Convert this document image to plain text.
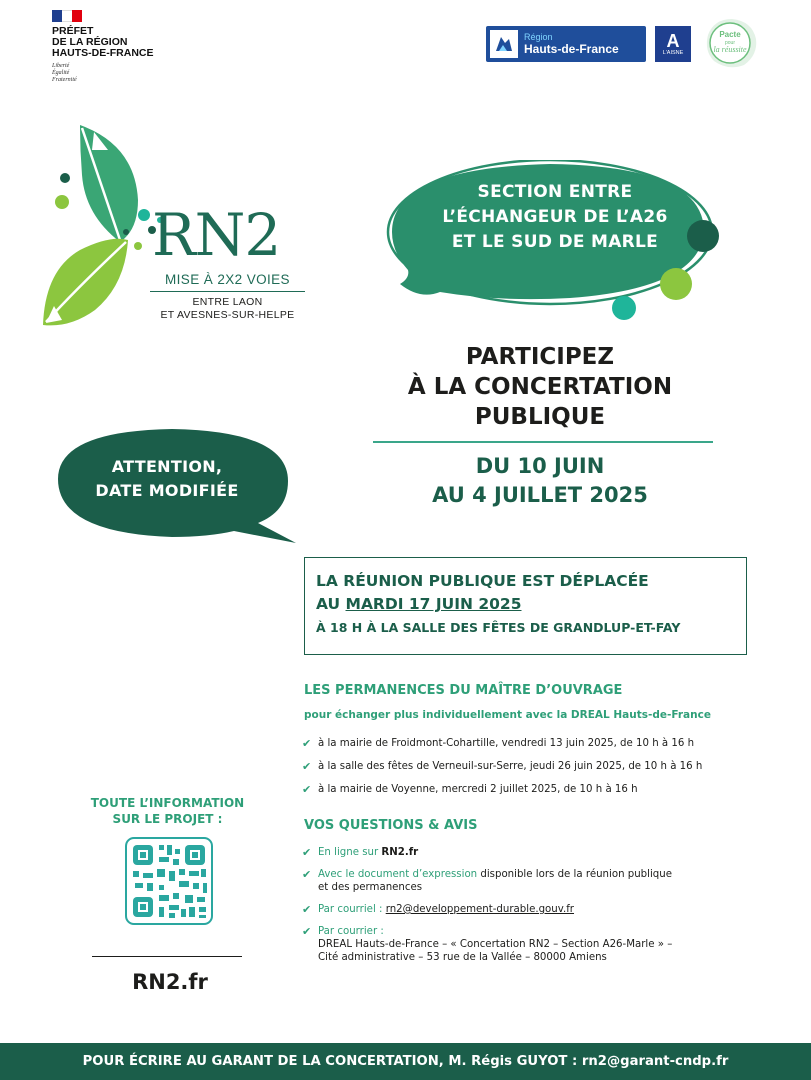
PRÉFET
DE LA RÉGION
HAUTS-DE-FRANCE
Liberté
Égalité
Fraternité
Région
Hauts-de-France	A
L'AISNE
Pacte
pour
la réussite
RN2
MISE À 2X2 VOIES
ENTRE LAON
ET AVESNES-SUR-HELPE
SECTION ENTRE
L’ÉCHANGEUR DE L’A26
ET LE SUD DE MARLE
PARTICIPEZ
À LA CONCERTATION
PUBLIQUE
DU 10 JUIN
AU 4 JUILLET 2025
ATTENTION,
DATE MODIFIÉE
LA RÉUNION PUBLIQUE EST DÉPLACÉE
AU MARDI 17 JUIN 2025
À 18 H À LA SALLE DES FÊTES DE GRANDLUP-ET-FAY
LES PERMANENCES DU MAÎTRE D’OUVRAGE
pour échanger plus individuellement avec la DREAL Hauts-de-France
✔ à la mairie de Froidmont-Cohartille, vendredi 13 juin 2025, de 10 h à 16 h
✔ à la salle des fêtes de Verneuil-sur-Serre, jeudi 26 juin 2025, de 10 h à 16 h
✔ à la mairie de Voyenne, mercredi 2 juillet 2025, de 10 h à 16 h
VOS QUESTIONS & AVIS
✔ En ligne sur RN2.fr
✔ Avec le document d’expression disponible lors de la réunion publique
et des permanences
✔ Par courriel : rn2@developpement-durable.gouv.fr
✔ Par courrier :
DREAL Hauts-de-France – « Concertation RN2 – Section A26-Marle » –
Cité administrative – 53 rue de la Vallée – 80000 Amiens
TOUTE L’INFORMATION
SUR LE PROJET :
RN2.fr
POUR ÉCRIRE AU GARANT DE LA CONCERTATION, M. Régis GUYOT : rn2@garant-cndp.fr
